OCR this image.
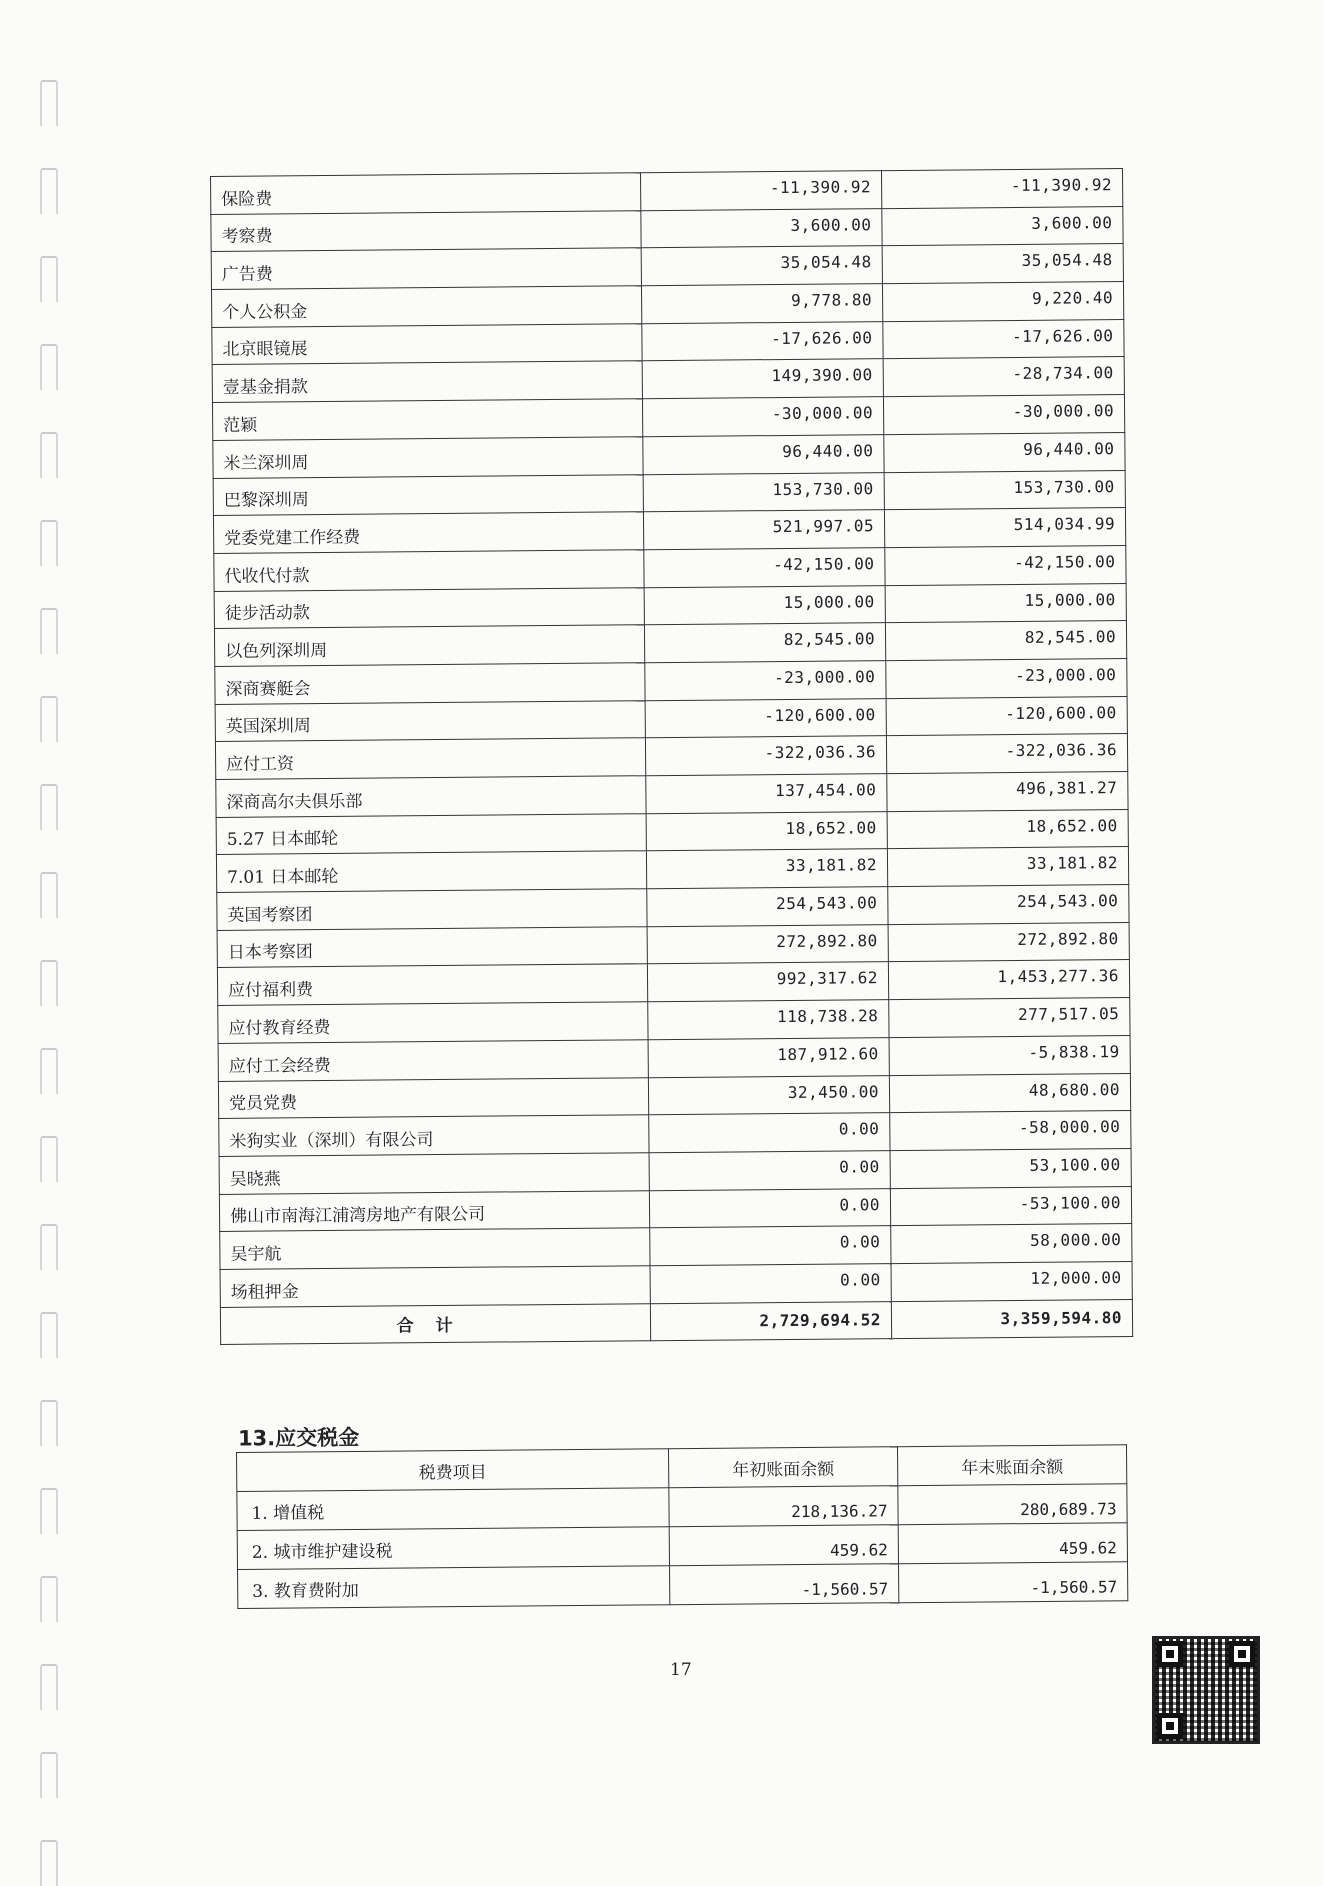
保险费	-11,390.92	-11,390.92
考察费	3,600.00	3,600.00
广告费	35,054.48	35,054.48
个人公积金	9,778.80	9,220.40
北京眼镜展	-17,626.00	-17,626.00
壹基金捐款	149,390.00	-28,734.00
范颖	-30,000.00	-30,000.00
米兰深圳周	96,440.00	96,440.00
巴黎深圳周	153,730.00	153,730.00
党委党建工作经费	521,997.05	514,034.99
代收代付款	-42,150.00	-42,150.00
徒步活动款	15,000.00	15,000.00
以色列深圳周	82,545.00	82,545.00
深商赛艇会	-23,000.00	-23,000.00
英国深圳周	-120,600.00	-120,600.00
应付工资	-322,036.36	-322,036.36
深商高尔夫俱乐部	137,454.00	496,381.27
5.27 日本邮轮	18,652.00	18,652.00
7.01 日本邮轮	33,181.82	33,181.82
英国考察团	254,543.00	254,543.00
日本考察团	272,892.80	272,892.80
应付福利费	992,317.62	1,453,277.36
应付教育经费	118,738.28	277,517.05
应付工会经费	187,912.60	-5,838.19
党员党费	32,450.00	48,680.00
米狗实业（深圳）有限公司	0.00	-58,000.00
吴晓燕	0.00	53,100.00
佛山市南海江浦湾房地产有限公司	0.00	-53,100.00
吴宇航	0.00	58,000.00
场租押金	0.00	12,000.00
合计	2,729,694.52	3,359,594.80
13.应交税金
税费项目	年初账面余额	年末账面余额
1. 增值税	218,136.27	280,689.73
2. 城市维护建设税	459.62	459.62
3. 教育费附加	-1,560.57	-1,560.57
17
